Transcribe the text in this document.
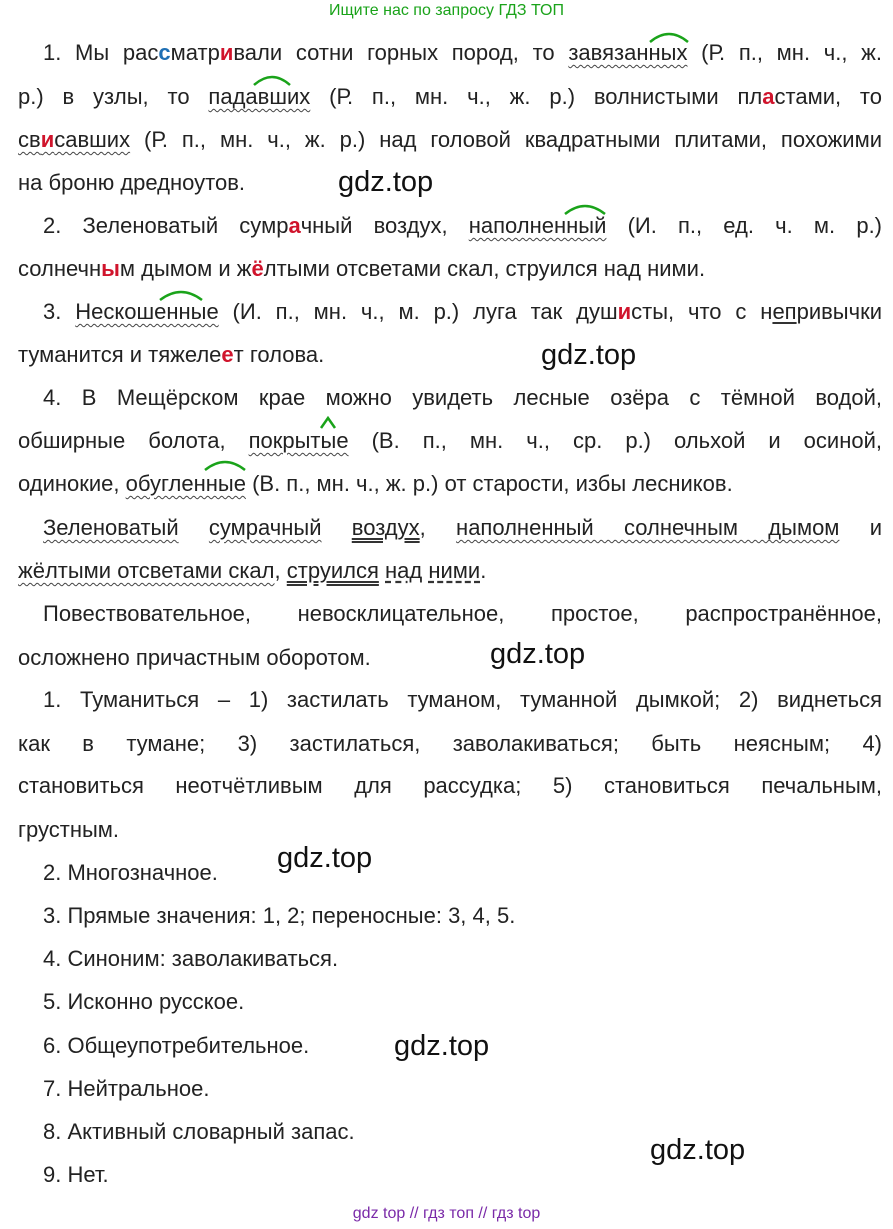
Ищите нас по запросу ГДЗ ТОП
1. Мы рассматривали сотни горных пород, то завязанных (Р. п., мн. ч., ж.
р.) в узлы, то падавших (Р. п., мн. ч., ж. р.) волнистыми пластами, то
свисавших (Р. п., мн. ч., ж. р.) над головой квадратными плитами, похожими
на броню дредноутов.
2. Зеленоватый сумрачный воздух, наполненный (И. п., ед. ч. м. р.)
солнечным дымом и жёлтыми отсветами скал, струился над ними.
3. Нескошенные (И. п., мн. ч., м. р.) луга так душисты, что с непривычки
туманится и тяжелеет голова.
4. В Мещёрском крае можно увидеть лесные озёра с тёмной водой,
обширные болота, покрытые (В. п., мн. ч., ср. р.) ольхой и осиной,
одинокие, обугленные (В. п., мн. ч., ж. р.) от старости, избы лесников.
Зеленоватый сумрачный воздух, наполненный солнечным дымом и
жёлтыми отсветами скал, струился над ними.
Повествовательное, невосклицательное, простое, распространённое,
осложнено причастным оборотом.
1. Туманиться – 1) застилать туманом, туманной дымкой; 2) виднеться
как в тумане; 3) застилаться, заволакиваться; быть неясным; 4)
становиться неотчётливым для рассудка; 5) становиться печальным,
грустным.
2. Многозначное.
3. Прямые значения: 1, 2; переносные: 3, 4, 5.
4. Синоним: заволакиваться.
5. Исконно русское.
6. Общеупотребительное.
7. Нейтральное.
8. Активный словарный запас.
9. Нет.
gdz.top
gdz.top
gdz.top
gdz.top
gdz.top
gdz.top
gdz top // гдз топ // гдз top
